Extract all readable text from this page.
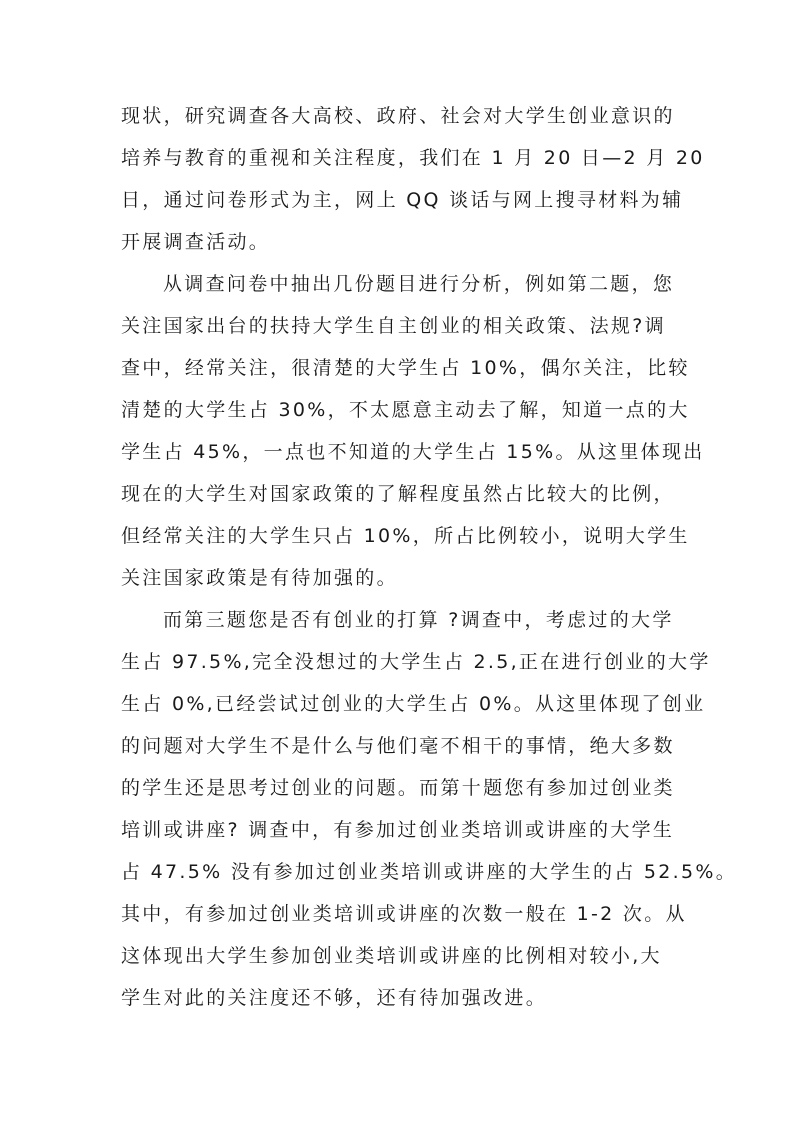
现状，研究调查各大高校、政府、社会对大学生创业意识的
培养与教育的重视和关注程度，我们在 1 月 20 日—2 月 20
日，通过问卷形式为主，网上 QQ 谈话与网上搜寻材料为辅
开展调查活动。
从调查问卷中抽出几份题目进行分析，例如第二题，您
关注国家出台的扶持大学生自主创业的相关政策、法规?调
查中，经常关注，很清楚的大学生占 10%，偶尔关注，比较
清楚的大学生占 30%，不太愿意主动去了解，知道一点的大
学生占 45%，一点也不知道的大学生占 15%。从这里体现出
现在的大学生对国家政策的了解程度虽然占比较大的比例，
但经常关注的大学生只占 10%，所占比例较小，说明大学生
关注国家政策是有待加强的。
而第三题您是否有创业的打算 ?调查中，考虑过的大学
生占 97.5%,完全没想过的大学生占 2.5,正在进行创业的大学
生占 0%,已经尝试过创业的大学生占 0%。从这里体现了创业
的问题对大学生不是什么与他们毫不相干的事情，绝大多数
的学生还是思考过创业的问题。而第十题您有参加过创业类
培训或讲座? 调查中，有参加过创业类培训或讲座的大学生
占 47.5% 没有参加过创业类培训或讲座的大学生的占 52.5%。
其中，有参加过创业类培训或讲座的次数一般在 1-2 次。从
这体现出大学生参加创业类培训或讲座的比例相对较小,大
学生对此的关注度还不够，还有待加强改进。
